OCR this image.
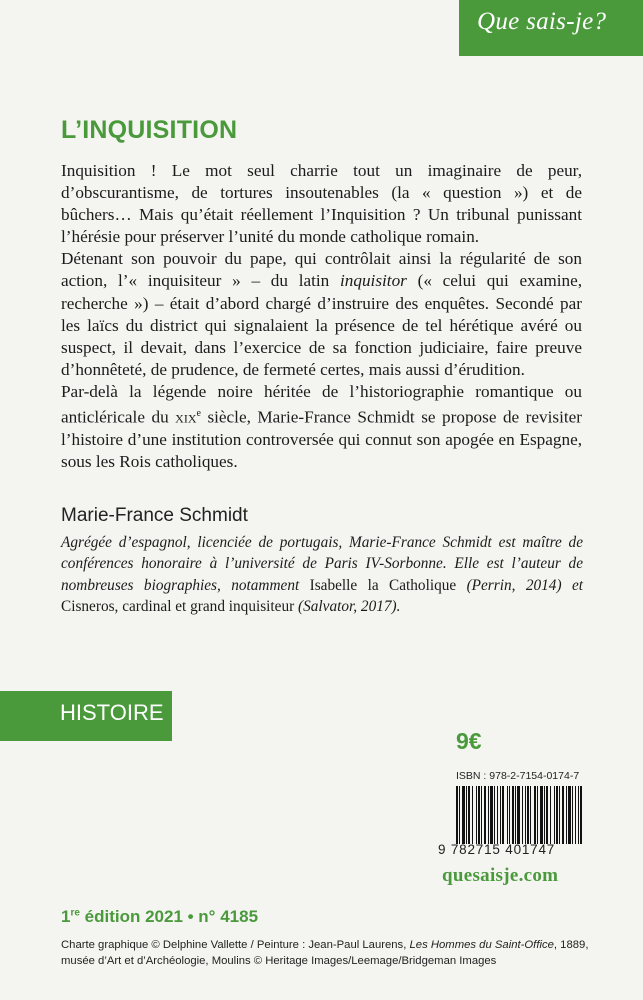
Que sais-je?
L’INQUISITION

Inquisition ! Le mot seul charrie tout un imaginaire de peur, d’obscurantisme, de tortures insoutenables (la « question ») et de bûchers… Mais qu’était réellement l’Inquisition ? Un tribunal punissant l’hérésie pour préserver l’unité du monde catholique romain.

Détenant son pouvoir du pape, qui contrôlait ainsi la régularité de son action, l’« inquisiteur » – du latin inquisitor (« celui qui examine, recherche ») – était d’abord chargé d’instruire des enquêtes. Secondé par les laïcs du district qui signalaient la présence de tel hérétique avéré ou suspect, il devait, dans l’exercice de sa fonction judiciaire, faire preuve d’honnêteté, de prudence, de fermeté certes, mais aussi d’érudition.

Par-delà la légende noire héritée de l’historiographie romantique ou anticléricale du xix$^e$ siècle, Marie-France Schmidt se propose de revisiter l’histoire d’une institution controversée qui connut son apogée en Espagne, sous les Rois catholiques.

Marie-France Schmidt
Agrégée d’espagnol, licenciée de portugais, Marie-France Schmidt est maître de conférences honoraire à l’université de Paris IV-Sorbonne. Elle est l’auteur de nombreuses biographies, notamment Isabelle la Catholique (Perrin, 2014) et Cisneros, cardinal et grand inquisiteur (Salvator, 2017).
HISTOIRE
9€
ISBN : 978-2-7154-0174-7
9 782715 401747
quesaisje.com
1re édition 2021 • n° 4185
Charte graphique © Delphine Vallette / Peinture : Jean-Paul Laurens, Les Hommes du Saint-Office, 1889, musée d’Art et d’Archéologie, Moulins © Heritage Images/Leemage/Bridgeman Images
